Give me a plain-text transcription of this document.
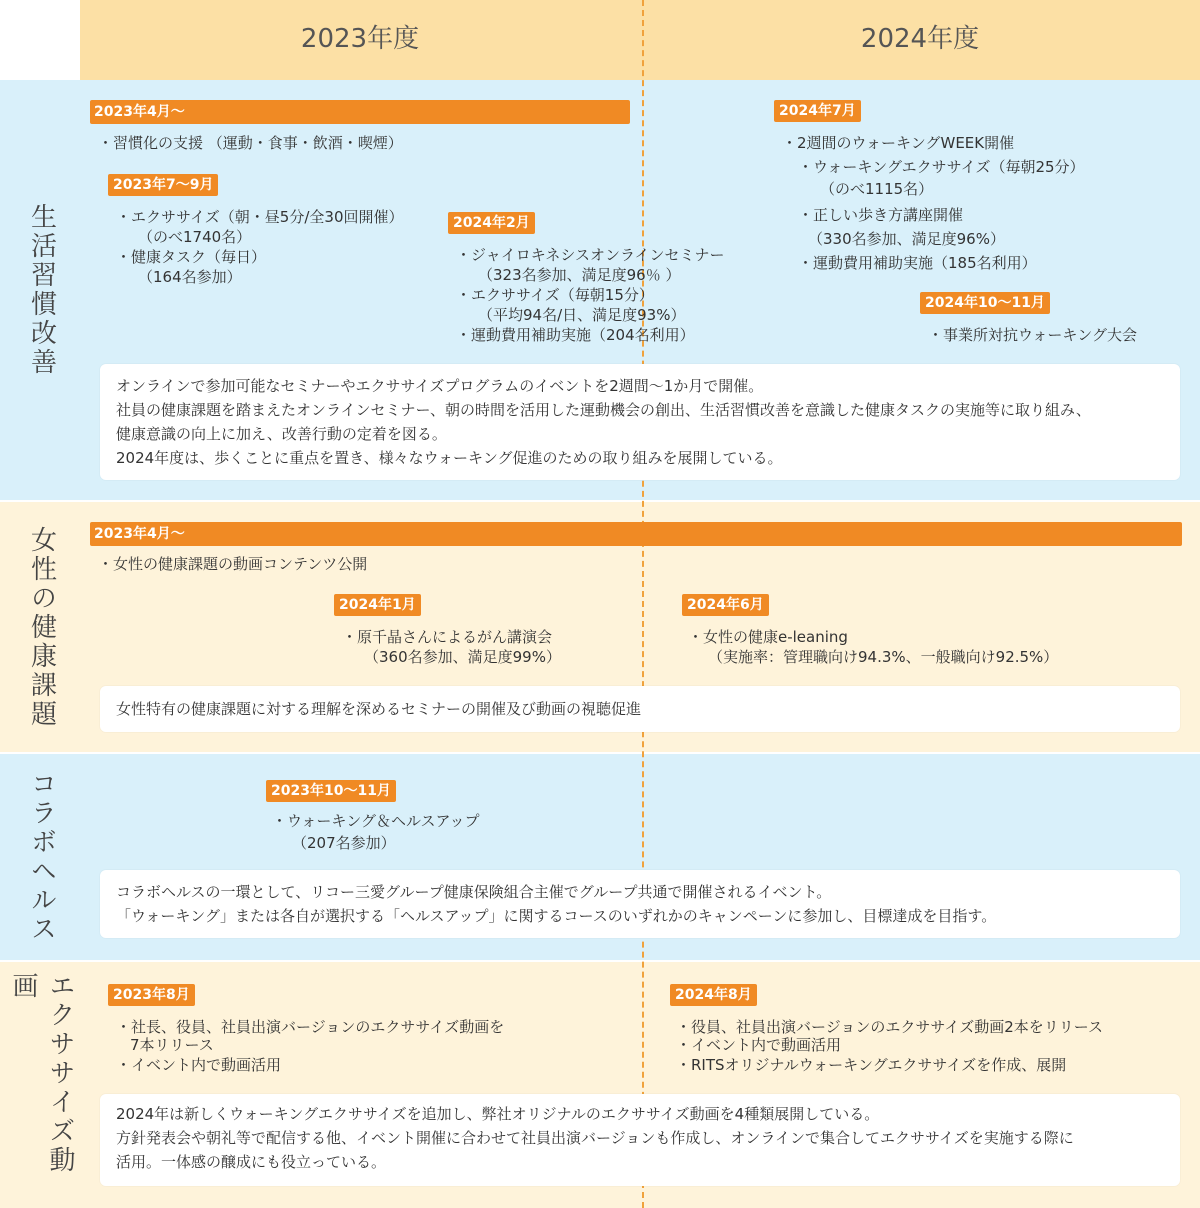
2023年度	2024年度
生活習慣改善
女性の健康課題
コラボヘルス
エクササイズ動画
2023年4月～
・習慣化の支援 （運動・食事・飲酒・喫煙）
2023年7～9月
・エクササイズ（朝・昼5分/全30回開催）
（のべ1740名）
・健康タスク（毎日）
（164名参加）
2024年2月
・ジャイロキネシスオンラインセミナー
（323名参加、満足度96％ ）
・エクササイズ（毎朝15分）
（平均94名/日、満足度93%）
・運動費用補助実施（204名利用）
2024年7月
・2週間のウォーキングWEEK開催
・ウォーキングエクササイズ（毎朝25分）
（のべ1115名）
・正しい歩き方講座開催
（330名参加、満足度96%）
・運動費用補助実施（185名利用）
2024年10～11月
・事業所対抗ウォーキング大会
オンラインで参加可能なセミナーやエクササイズプログラムのイベントを2週間～1か月で開催。
社員の健康課題を踏まえたオンラインセミナー、朝の時間を活用した運動機会の創出、生活習慣改善を意識した健康タスクの実施等に取り組み、
健康意識の向上に加え、改善行動の定着を図る。
2024年度は、歩くことに重点を置き、様々なウォーキング促進のための取り組みを展開している。
2023年4月～
・女性の健康課題の動画コンテンツ公開
2024年1月
・原千晶さんによるがん講演会
（360名参加、満足度99%）
2024年6月
・女性の健康e-leaning
（実施率：管理職向け94.3%、一般職向け92.5%）
女性特有の健康課題に対する理解を深めるセミナーの開催及び動画の視聴促進
2023年10～11月
・ウォーキング＆ヘルスアップ
（207名参加）
コラボヘルスの一環として、リコー三愛グループ健康保険組合主催でグループ共通で開催されるイベント。
「ウォーキング」または各自が選択する「ヘルスアップ」に関するコースのいずれかのキャンペーンに参加し、目標達成を目指す。
2023年8月
・社長、役員、社員出演バージョンのエクササイズ動画を
7本リリース
・イベント内で動画活用
2024年8月
・役員、社員出演バージョンのエクササイズ動画2本をリリース
・イベント内で動画活用
・RITSオリジナルウォーキングエクササイズを作成、展開
2024年は新しくウォーキングエクササイズを追加し、弊社オリジナルのエクササイズ動画を4種類展開している。
方針発表会や朝礼等で配信する他、イベント開催に合わせて社員出演バージョンも作成し、オンラインで集合してエクササイズを実施する際に
活用。一体感の醸成にも役立っている。
